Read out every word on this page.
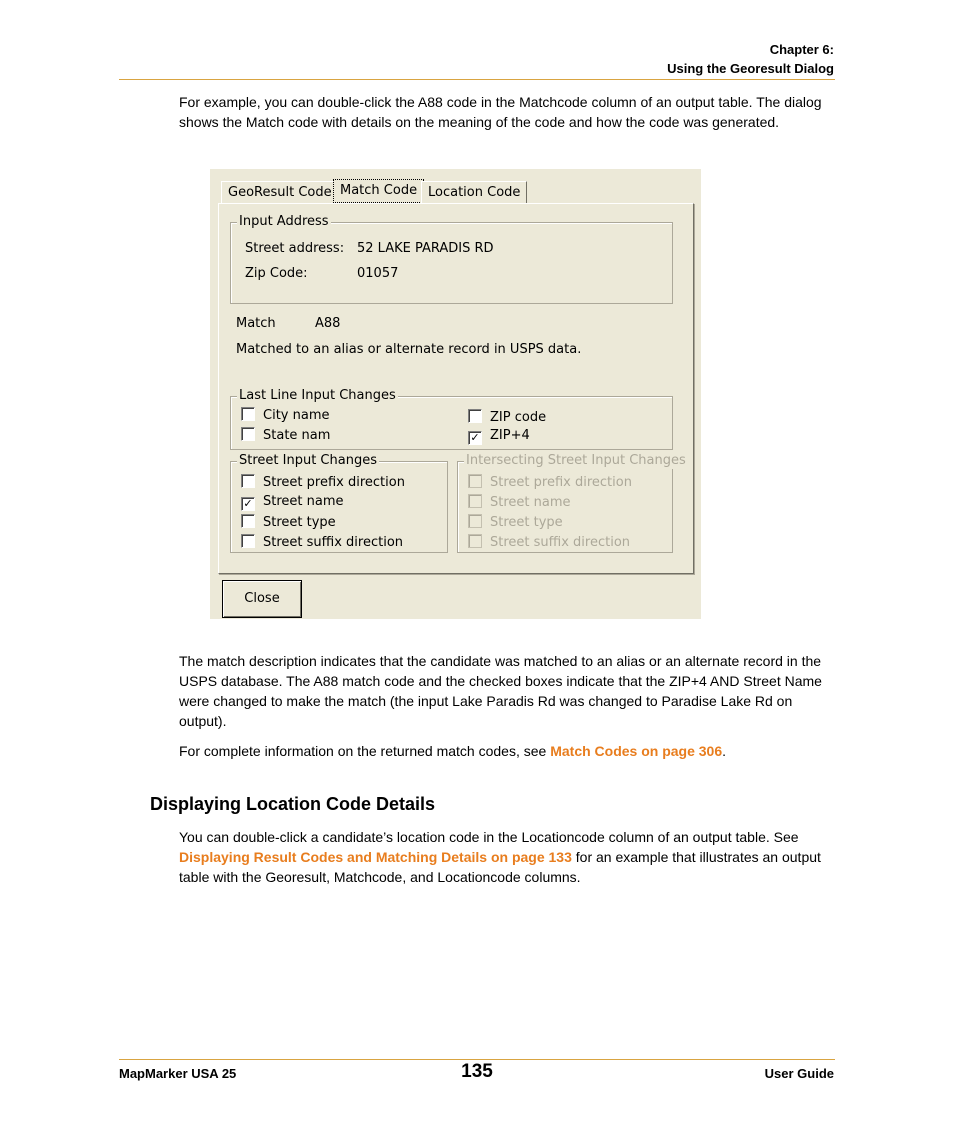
Chapter 6:
Using the Georesult Dialog
For example, you can double-click the A88 code in the Matchcode column of an output table. The dialog shows the Match code with details on the meaning of the code and how the code was generated.
GeoResult Code Match Code Location Code
Input Address
Street address: 52 LAKE PARADIS RD
Zip Code:	01057
Match	A88
Matched to an alias or alternate record in USPS data.
Last Line Input Changes
City name
State nam
ZIP code
✓ ZIP+4
Street Input Changes
Street prefix direction
✓ Street name
Street type
Street suffix direction
Intersecting Street Input Changes
Street prefix direction
Street name
Street type
Street suffix direction
Close
The match description indicates that the candidate was matched to an alias or an alternate record in the USPS database. The A88 match code and the checked boxes indicate that the ZIP+4 AND Street Name were changed to make the match (the input Lake Paradis Rd was changed to Paradise Lake Rd on output).
For complete information on the returned match codes, see Match Codes on page 306.
Displaying Location Code Details
You can double-click a candidate’s location code in the Locationcode column of an output table. See Displaying Result Codes and Matching Details on page 133 for an example that illustrates an output table with the Georesult, Matchcode, and Locationcode columns.
MapMarker USA 25	135	User Guide
